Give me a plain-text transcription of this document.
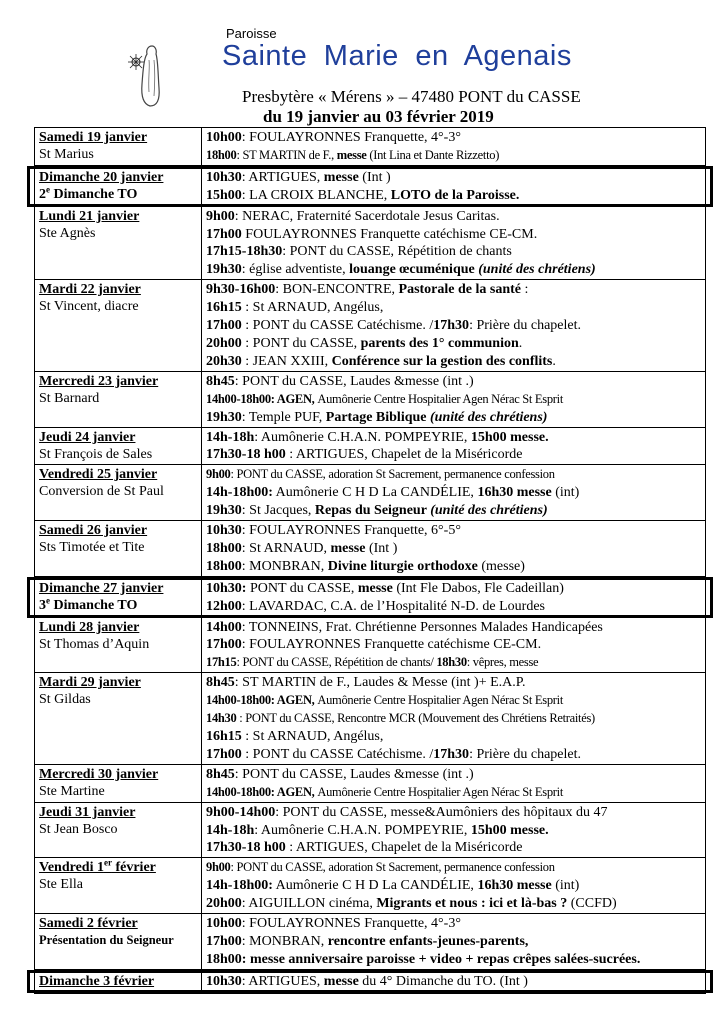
Paroisse
Sainte Marie en Agenais
Presbytère « Mérens » – 47480 PONT du CASSE
du 19 janvier au 03 février 2019
Samedi 19 janvier
St Marius
10h00: FOULAYRONNES Franquette, 4°-3°
18h00: ST MARTIN de F., messe (Int Lina et Dante Rizzetto)
Dimanche 20 janvier
2e Dimanche TO
10h30: ARTIGUES, messe (Int )
15h00: LA CROIX BLANCHE, LOTO de la Paroisse.
Lundi 21 janvier
Ste Agnès
9h00: NERAC, Fraternité Sacerdotale Jesus Caritas.
17h00 FOULAYRONNES Franquette catéchisme CE-CM.
17h15-18h30: PONT du CASSE, Répétition de chants
19h30: église adventiste, louange œcuménique (unité des chrétiens)
Mardi 22 janvier
St Vincent, diacre
9h30-16h00: BON-ENCONTRE, Pastorale de la santé :
16h15 : St ARNAUD, Angélus,
17h00 : PONT du CASSE Catéchisme. /17h30: Prière du chapelet.
20h00 : PONT du CASSE, parents des 1° communion.
20h30 : JEAN XXIII, Conférence sur la gestion des conflits.
Mercredi 23 janvier
St Barnard
8h45: PONT du CASSE, Laudes &messe (int .)
14h00-18h00: AGEN, Aumônerie Centre Hospitalier Agen Nérac St Esprit
19h30: Temple PUF, Partage Biblique (unité des chrétiens)
Jeudi 24 janvier
St François de Sales
14h-18h: Aumônerie C.H.A.N. POMPEYRIE, 15h00 messe.
17h30-18 h00 : ARTIGUES, Chapelet de la Miséricorde
Vendredi 25 janvier
Conversion de St Paul
9h00: PONT du CASSE, adoration St Sacrement, permanence confession
14h-18h00: Aumônerie C H D La CANDÉLIE, 16h30 messe (int)
19h30: St Jacques, Repas du Seigneur (unité des chrétiens)
Samedi 26 janvier
Sts Timotée et Tite
10h30: FOULAYRONNES Franquette, 6°-5°
18h00: St ARNAUD, messe (Int )
18h00: MONBRAN, Divine liturgie orthodoxe (messe)
Dimanche 27 janvier
3e Dimanche TO
10h30: PONT du CASSE, messe (Int Fle Dabos, Fle Cadeillan)
12h00: LAVARDAC, C.A. de l’Hospitalité N-D. de Lourdes
Lundi 28 janvier
St Thomas d’Aquin
14h00: TONNEINS, Frat. Chrétienne Personnes Malades Handicapées
17h00: FOULAYRONNES Franquette catéchisme CE-CM.
17h15: PONT du CASSE, Répétition de chants/ 18h30: vêpres, messe
Mardi 29 janvier
St Gildas
8h45: ST MARTIN de F., Laudes & Messe (int )+ E.A.P.
14h00-18h00: AGEN, Aumônerie Centre Hospitalier Agen Nérac St Esprit
14h30 : PONT du CASSE, Rencontre MCR (Mouvement des Chrétiens Retraités)
16h15 : St ARNAUD, Angélus,
17h00 : PONT du CASSE Catéchisme. /17h30: Prière du chapelet.
Mercredi 30 janvier
Ste Martine
8h45: PONT du CASSE, Laudes &messe (int .)
14h00-18h00: AGEN, Aumônerie Centre Hospitalier Agen Nérac St Esprit
Jeudi 31 janvier
St Jean Bosco
9h00-14h00: PONT du CASSE, messe&Aumôniers des hôpitaux du 47
14h-18h: Aumônerie C.H.A.N. POMPEYRIE, 15h00 messe.
17h30-18 h00 : ARTIGUES, Chapelet de la Miséricorde
Vendredi 1er février
Ste Ella
9h00: PONT du CASSE, adoration St Sacrement, permanence confession
14h-18h00: Aumônerie C H D La CANDÉLIE, 16h30 messe (int)
20h00: AIGUILLON cinéma, Migrants et nous : ici et là-bas ? (CCFD)
Samedi 2 février
Présentation du Seigneur
10h00: FOULAYRONNES Franquette, 4°-3°
17h00: MONBRAN, rencontre enfants-jeunes-parents,
18h00: messe anniversaire paroisse + video + repas crêpes salées-sucrées.
Dimanche 3 février	10h30: ARTIGUES, messe du 4° Dimanche du TO. (Int )
